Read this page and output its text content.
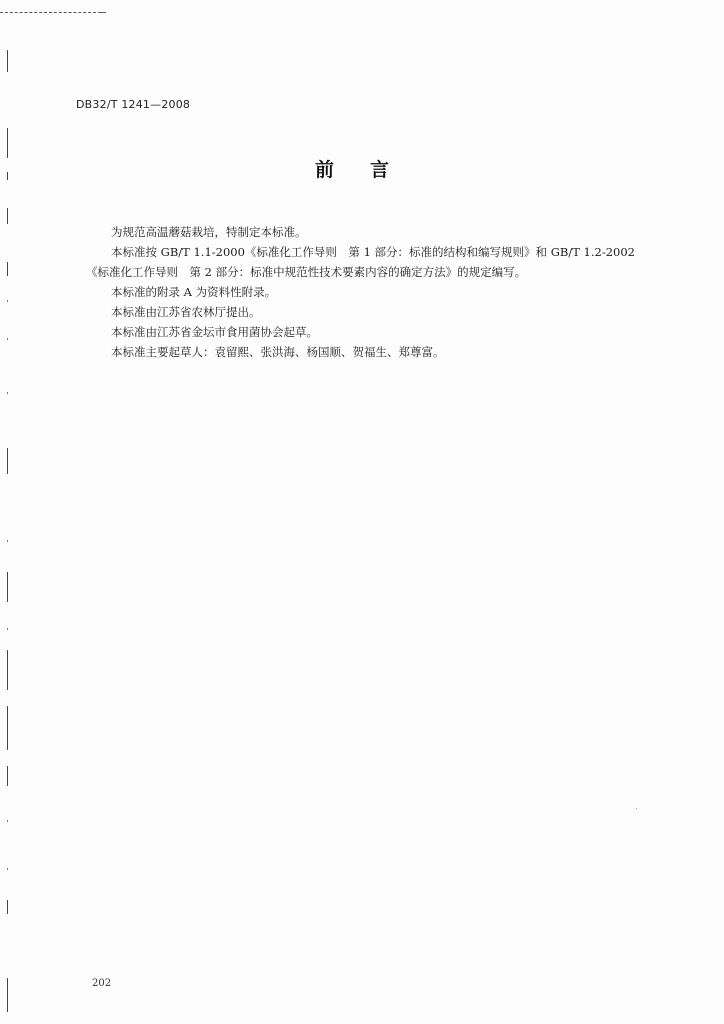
DB32/T 1241—2008
前言

为规范高温蘑菇栽培，特制定本标准。

本标准按 GB/T 1.1-2000《标准化工作导则　第 1 部分：标准的结构和编写规则》和 GB/T 1.2-2002

《标准化工作导则　第 2 部分：标准中规范性技术要素内容的确定方法》的规定编写。

本标准的附录 A 为资料性附录。

本标准由江苏省农林厅提出。

本标准由江苏省金坛市食用菌协会起草。

本标准主要起草人：袁留熙、张洪海、杨国顺、贺福生、郑尊富。

202
